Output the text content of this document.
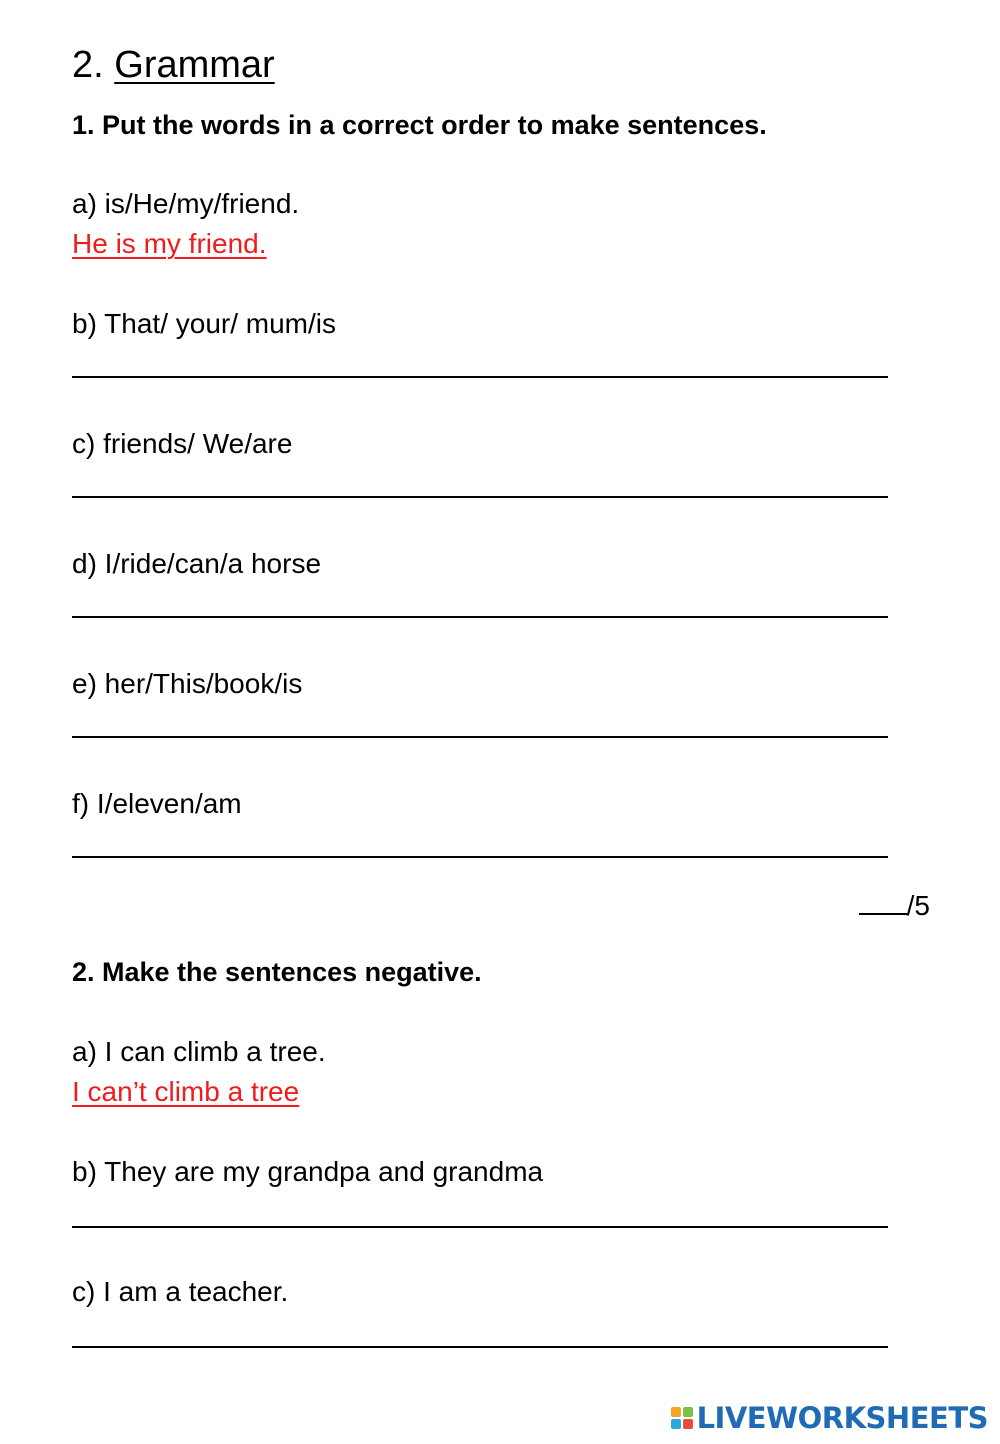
2. Grammar
1. Put the words in a correct order to make sentences.
a) is/He/my/friend.
He is my friend.
b) That/ your/ mum/is
c) friends/ We/are
d) I/ride/can/a horse
e) her/This/book/is
f) I/eleven/am
/5
2. Make the sentences negative.
a) I can climb a tree.
I can’t climb a tree
b) They are my grandpa and grandma
c) I am a teacher.
LIVEWORKSHEETS
